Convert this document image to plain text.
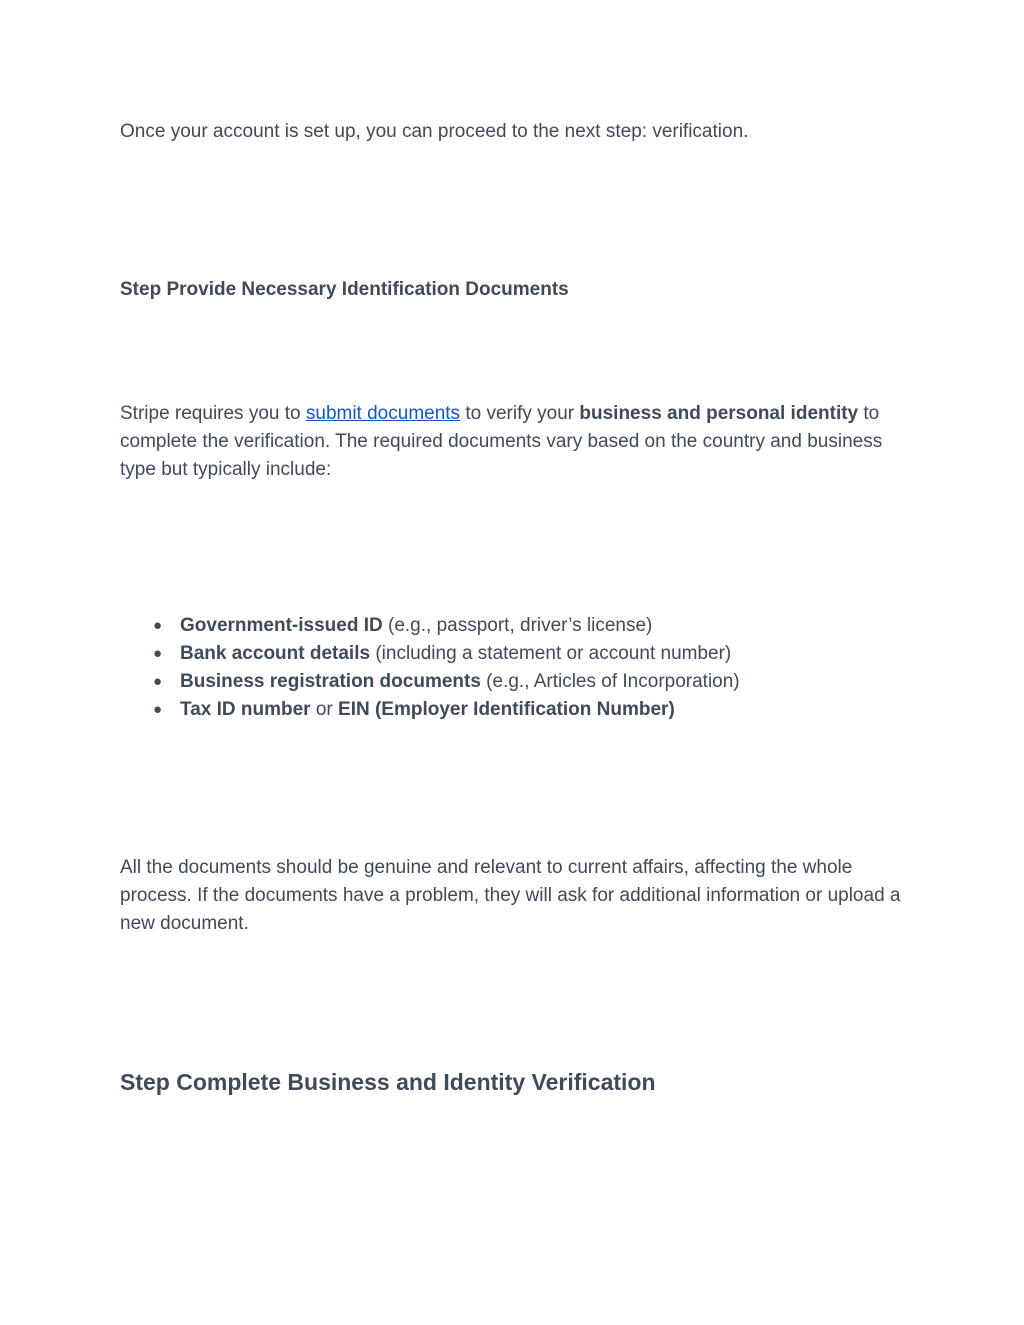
Once your account is set up, you can proceed to the next step: verification.

Step Provide Necessary Identification Documents

Stripe requires you to submit documents to verify your business and personal identity to complete the verification. The required documents vary based on the country and business type but typically include:

● Government-issued ID (e.g., passport, driver’s license)
● Bank account details (including a statement or account number)
● Business registration documents (e.g., Articles of Incorporation)
● Tax ID number or EIN (Employer Identification Number)

All the documents should be genuine and relevant to current affairs, affecting the whole process. If the documents have a problem, they will ask for additional information or upload a new document.

Step Complete Business and Identity Verification
